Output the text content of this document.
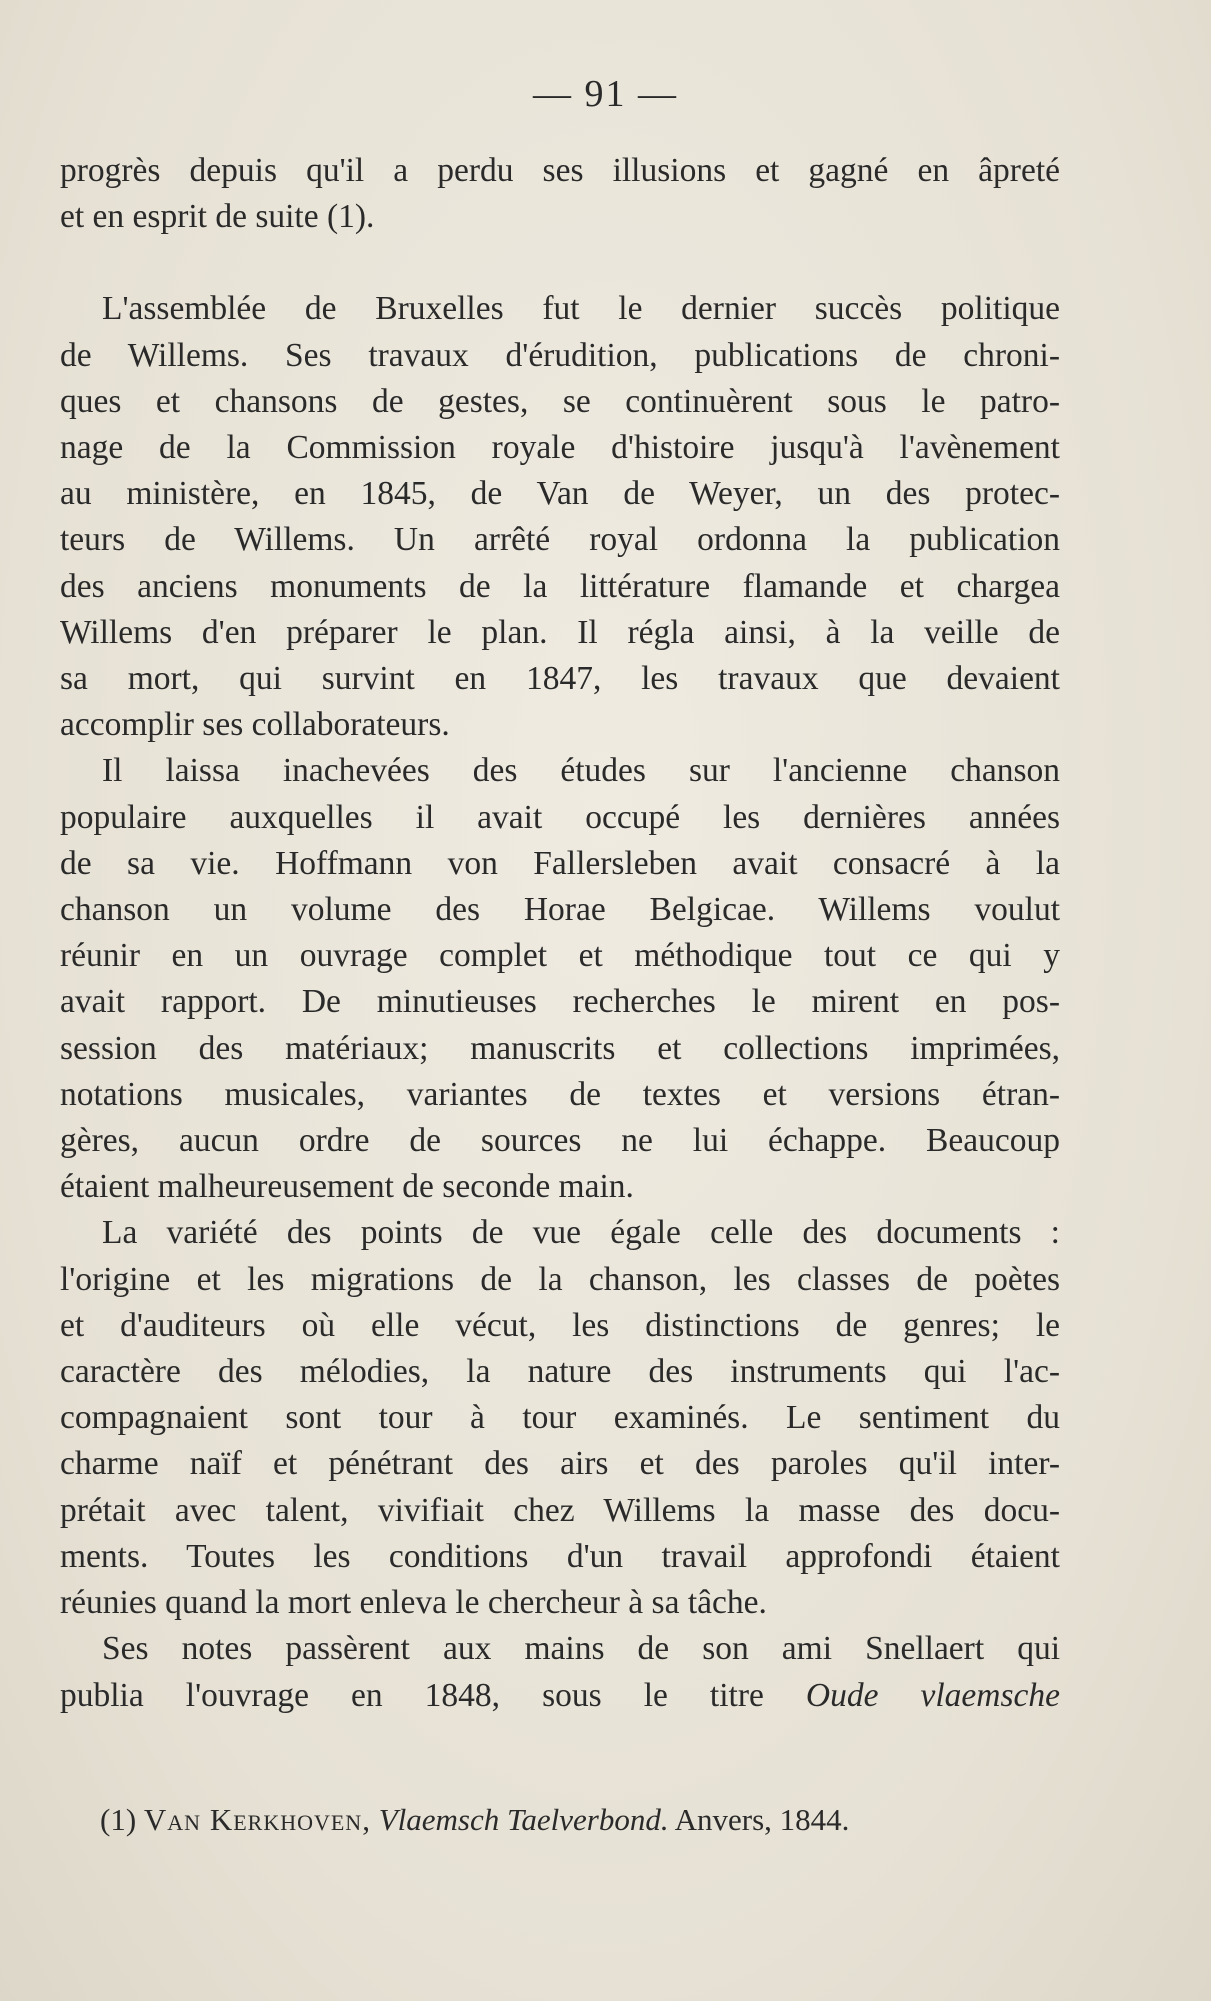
— 91 —
progrès depuis qu'il a perdu ses illusions et gagné en âpreté
et en esprit de suite (1).
L'assemblée de Bruxelles fut le dernier succès politique
de Willems. Ses travaux d'érudition, publications de chroni-
ques et chansons de gestes, se continuèrent sous le patro-
nage de la Commission royale d'histoire jusqu'à l'avènement
au ministère, en 1845, de Van de Weyer, un des protec-
teurs de Willems. Un arrêté royal ordonna la publication
des anciens monuments de la littérature flamande et chargea
Willems d'en préparer le plan. Il régla ainsi, à la veille de
sa mort, qui survint en 1847, les travaux que devaient
accomplir ses collaborateurs.
Il laissa inachevées des études sur l'ancienne chanson
populaire auxquelles il avait occupé les dernières années
de sa vie. Hoffmann von Fallersleben avait consacré à la
chanson un volume des Horae Belgicae. Willems voulut
réunir en un ouvrage complet et méthodique tout ce qui y
avait rapport. De minutieuses recherches le mirent en pos-
session des matériaux; manuscrits et collections imprimées,
notations musicales, variantes de textes et versions étran-
gères, aucun ordre de sources ne lui échappe. Beaucoup
étaient malheureusement de seconde main.
La variété des points de vue égale celle des documents :
l'origine et les migrations de la chanson, les classes de poètes
et d'auditeurs où elle vécut, les distinctions de genres; le
caractère des mélodies, la nature des instruments qui l'ac-
compagnaient sont tour à tour examinés. Le sentiment du
charme naïf et pénétrant des airs et des paroles qu'il inter-
prétait avec talent, vivifiait chez Willems la masse des docu-
ments. Toutes les conditions d'un travail approfondi étaient
réunies quand la mort enleva le chercheur à sa tâche.
Ses notes passèrent aux mains de son ami Snellaert qui
publia l'ouvrage en 1848, sous le titre Oude vlaemsche
(1) Van Kerkhoven, Vlaemsch Taelverbond. Anvers, 1844.
